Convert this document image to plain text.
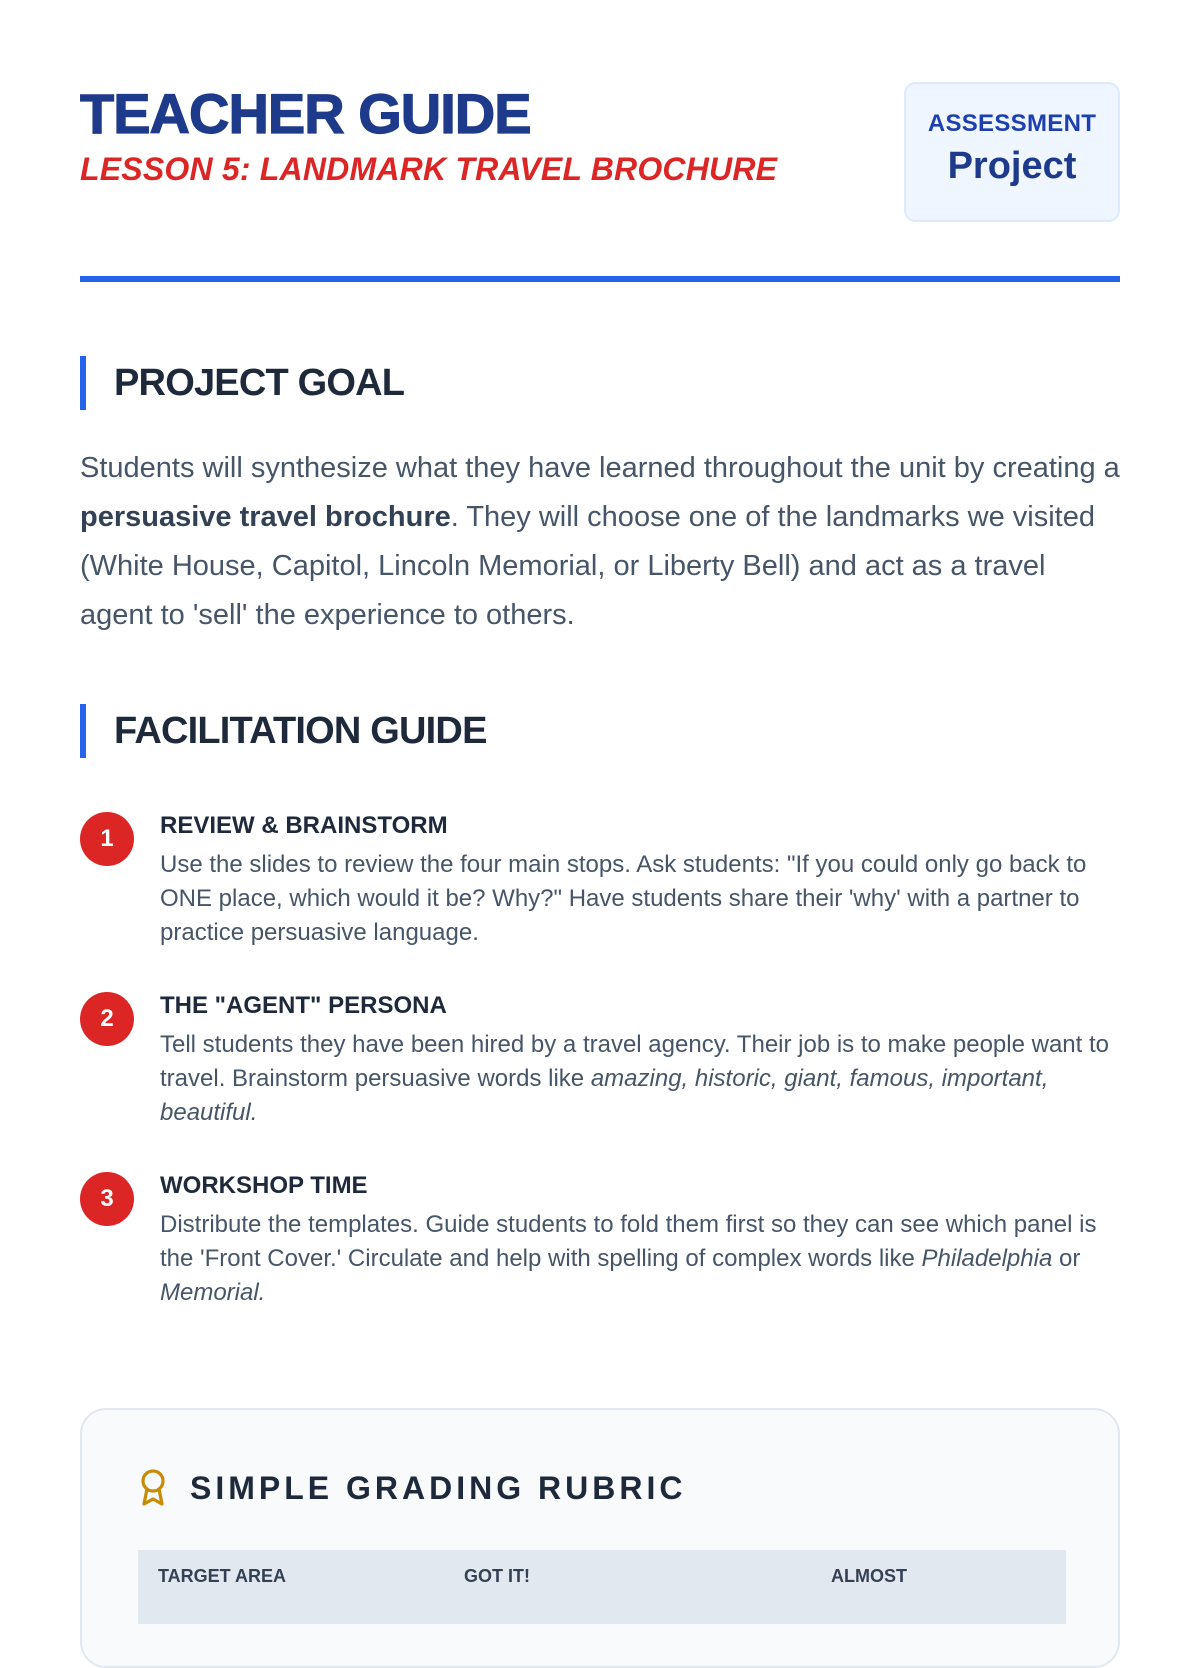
TEACHER GUIDE

LESSON 5: LANDMARK TRAVEL BROCHURE

ASSESSMENT
Project
PROJECT GOAL

Students will synthesize what they have learned throughout the unit by creating a persuasive travel brochure. They will choose one of the landmarks we visited (White House, Capitol, Lincoln Memorial, or Liberty Bell) and act as a travel agent to 'sell' the experience to others.

FACILITATION GUIDE
1	REVIEW & BRAINSTORM

Use the slides to review the four main stops. Ask students: "If you could only go back to ONE place, which would it be? Why?" Have students share their 'why' with a partner to practice persuasive language.

2	THE "AGENT" PERSONA

Tell students they have been hired by a travel agency. Their job is to make people want to travel. Brainstorm persuasive words like amazing, historic, giant, famous, important, beautiful.

3	WORKSHOP TIME

Distribute the templates. Guide students to fold them first so they can see which panel is the 'Front Cover.' Circulate and help with spelling of complex words like Philadelphia or Memorial.

SIMPLE GRADING RUBRIC
TARGET AREA	GOT IT!	ALMOST
